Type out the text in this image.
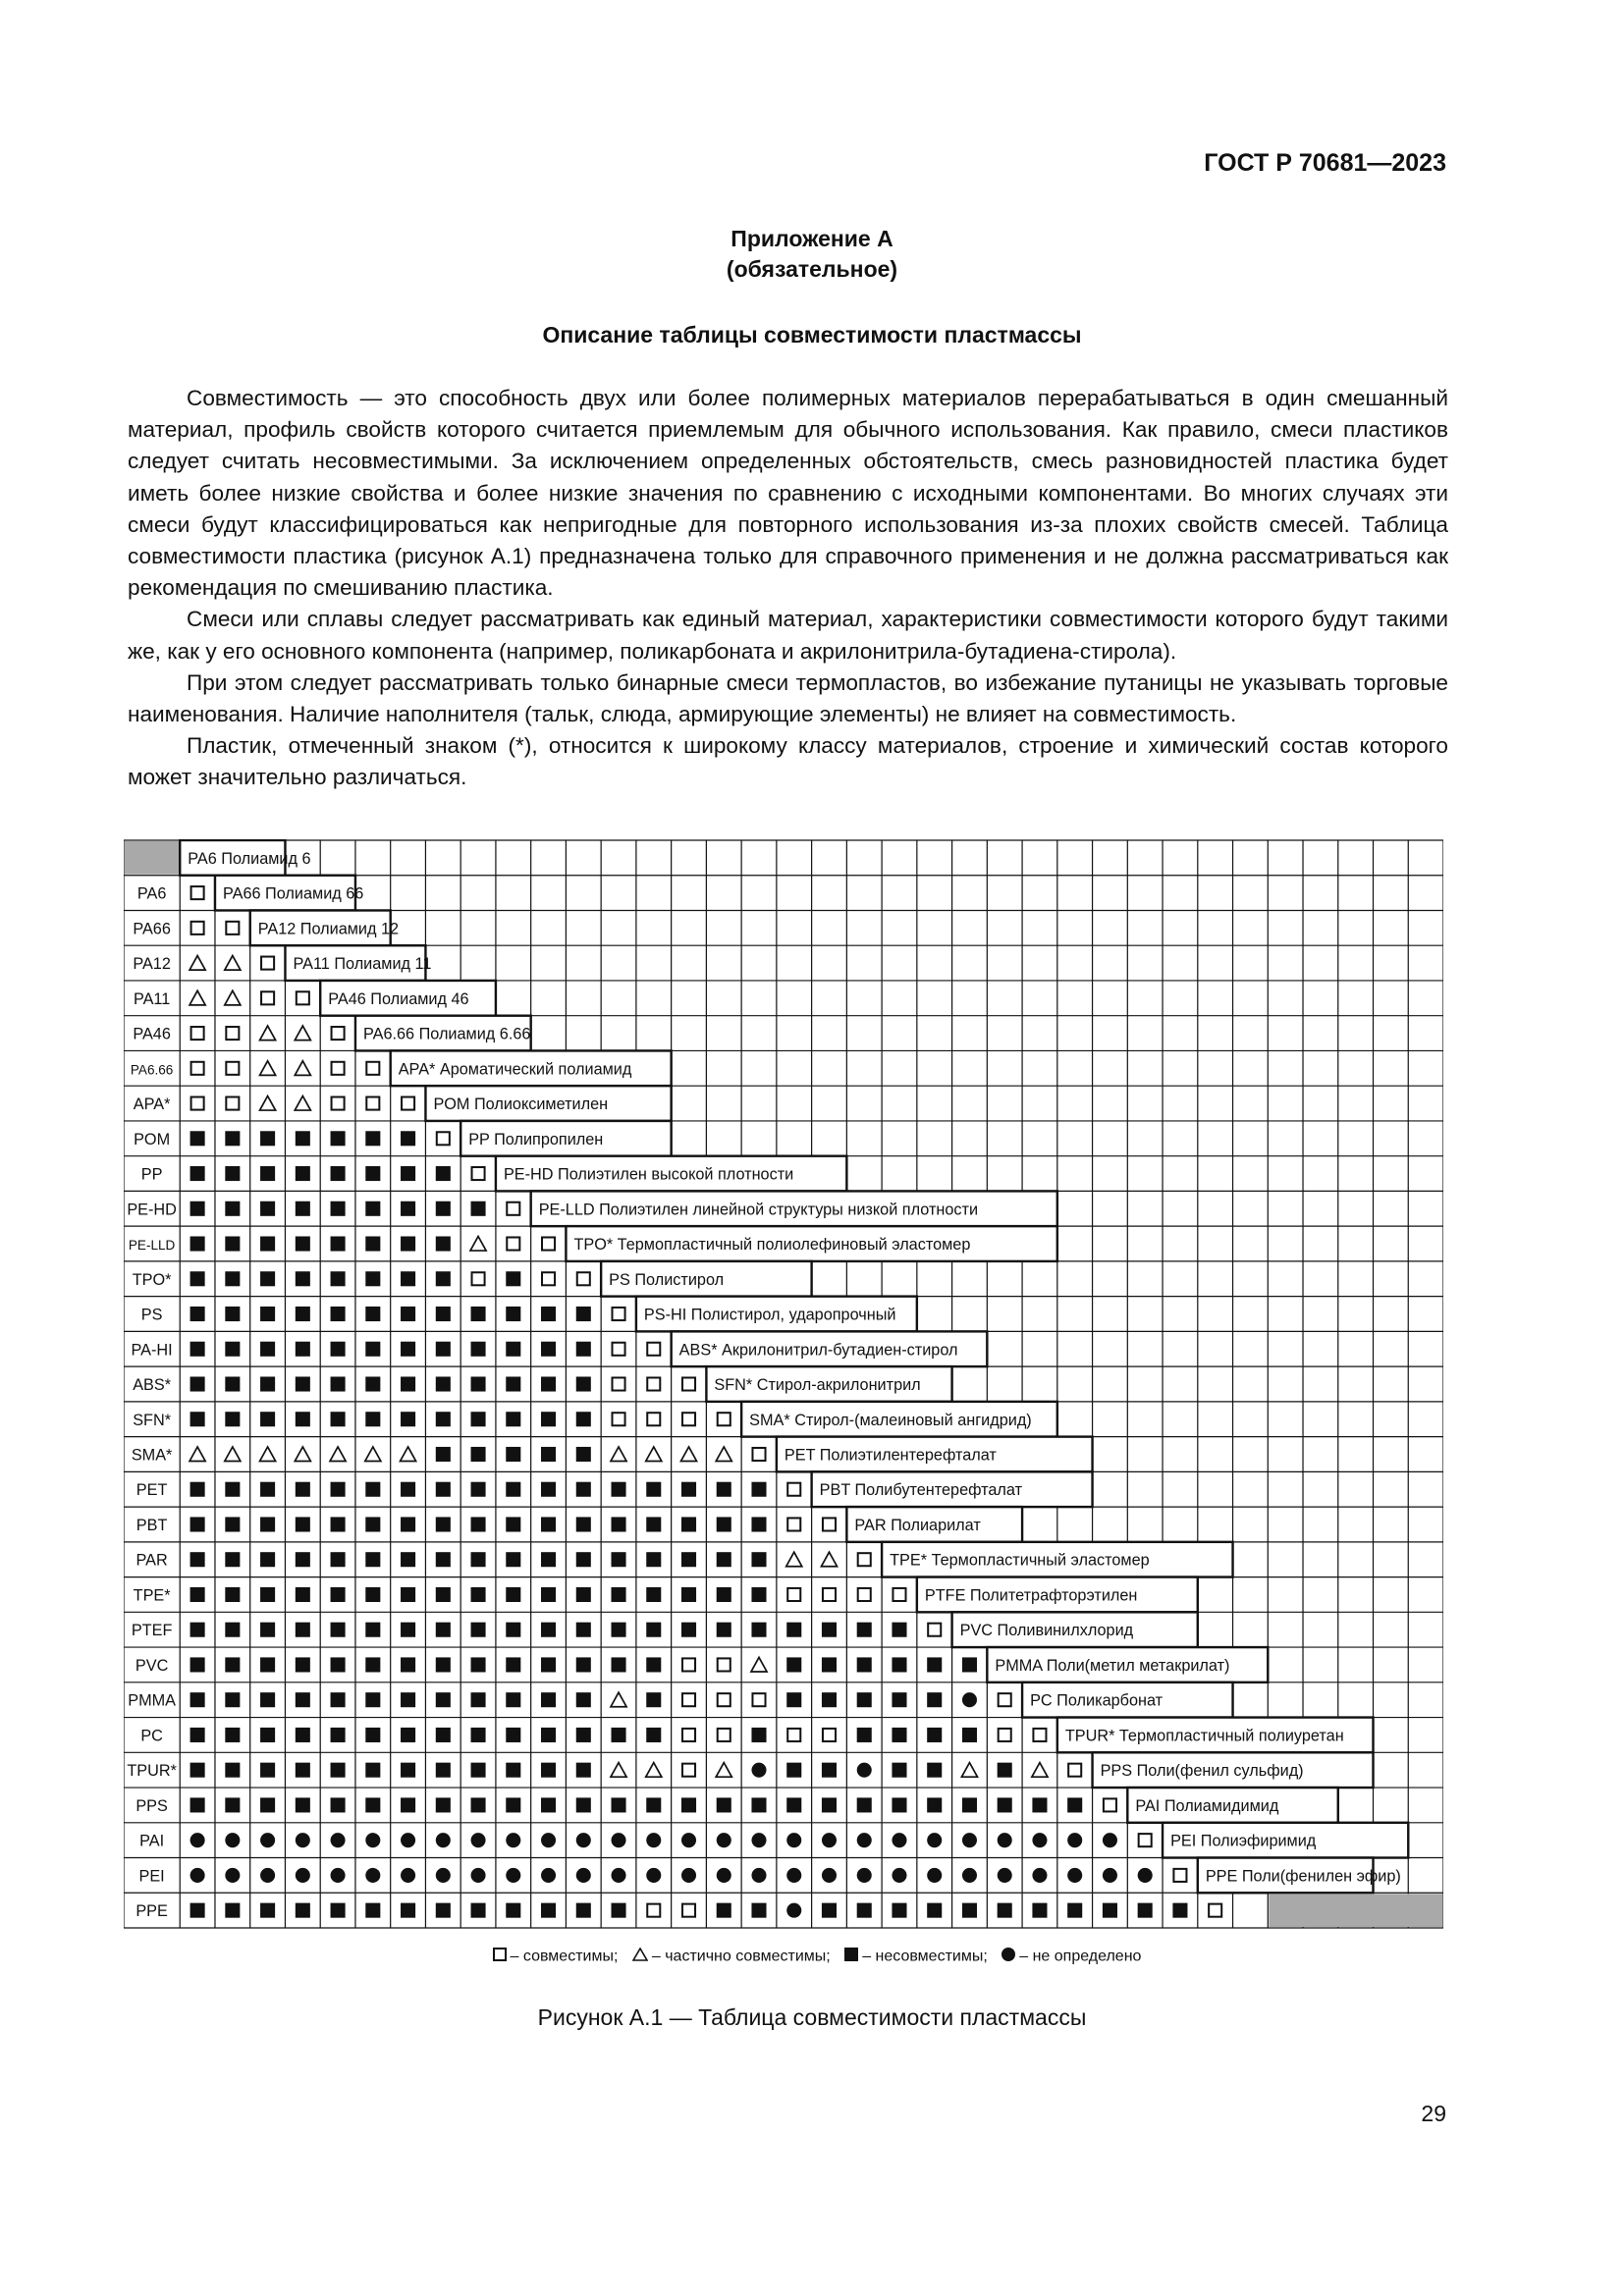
ГОСТ Р 70681—2023
Приложение А
(обязательное)
Описание таблицы совместимости пластмассы

Совместимость — это способность двух или более полимерных материалов перерабатываться в один смешанный материал, профиль свойств которого считается приемлемым для обычного использования. Как правило, смеси пластиков следует считать несовместимыми. За исключением определенных обстоятельств, смесь разновидностей пластика будет иметь более низкие свойства и более низкие значения по сравнению с исходными компонентами. Во многих случаях эти смеси будут классифицироваться как непригодные для повторного использования из-за плохих свойств смесей. Таблица совместимости пластика (рисунок А.1) предназначена только для справочного применения и не должна рассматриваться как рекомендация по смешиванию пластика.

Смеси или сплавы следует рассматривать как единый материал, характеристики совместимости которого будут такими же, как у его основного компонента (например, поликарбоната и акрилонитрила-бутадиена-стирола).

При этом следует рассматривать только бинарные смеси термопластов, во избежание путаницы не указывать торговые наименования. Наличие наполнителя (тальк, слюда, армирующие элементы) не влияет на совместимость.

Пластик, отмеченный знаком (*), относится к широкому классу материалов, строение и химический состав которого может значительно различаться.

PA6 Полиамид 6
PA66 Полиамид 66
PA12 Полиамид 12
PA11 Полиамид 11
PA46 Полиамид 46
PA6.66 Полиамид 6.66
APA* Ароматический полиамид
POM Полиоксиметилен
PP Полипропилен
PE-HD Полиэтилен высокой плотности
PE-LLD Полиэтилен линейной структуры низкой плотности
TPO* Термопластичный полиолефиновый эластомер
PS Полистирол
PS-HI Полистирол, ударопрочный
ABS* Акрилонитрил-бутадиен-стирол
SFN* Стирол-акрилонитрил
SMA* Стирол-(малеиновый ангидрид)
PET Полиэтилентерефталат
PBT Полибутентерефталат
PAR Полиарилат
TPE* Термопластичный эластомер
PTFE Политетрафторэтилен
PVC Поливинилхлорид
PMMA Поли(метил метакрилат)
PC Поликарбонат
TPUR* Термопластичный полиуретан
PPS Поли(фенил сульфид)
PAI Полиамидимид
PEI Полиэфиримид
PPE Поли(фенилен эфир)
PA6
PA66
PA12
PA11
PA46
PA6.66
APA*
POM
PP
PE-HD
PE-LLD
TPO*
PS
PA-HI
ABS*
SFN*
SMA*
PET
PBT
PAR
TPE*
PTEF
PVC
PMMA
PC
TPUR*
PPS
PAI
PEI
PPE
– совместимы; – частично совместимы; – несовместимы; – не определено
Рисунок А.1 — Таблица совместимости пластмассы
29
